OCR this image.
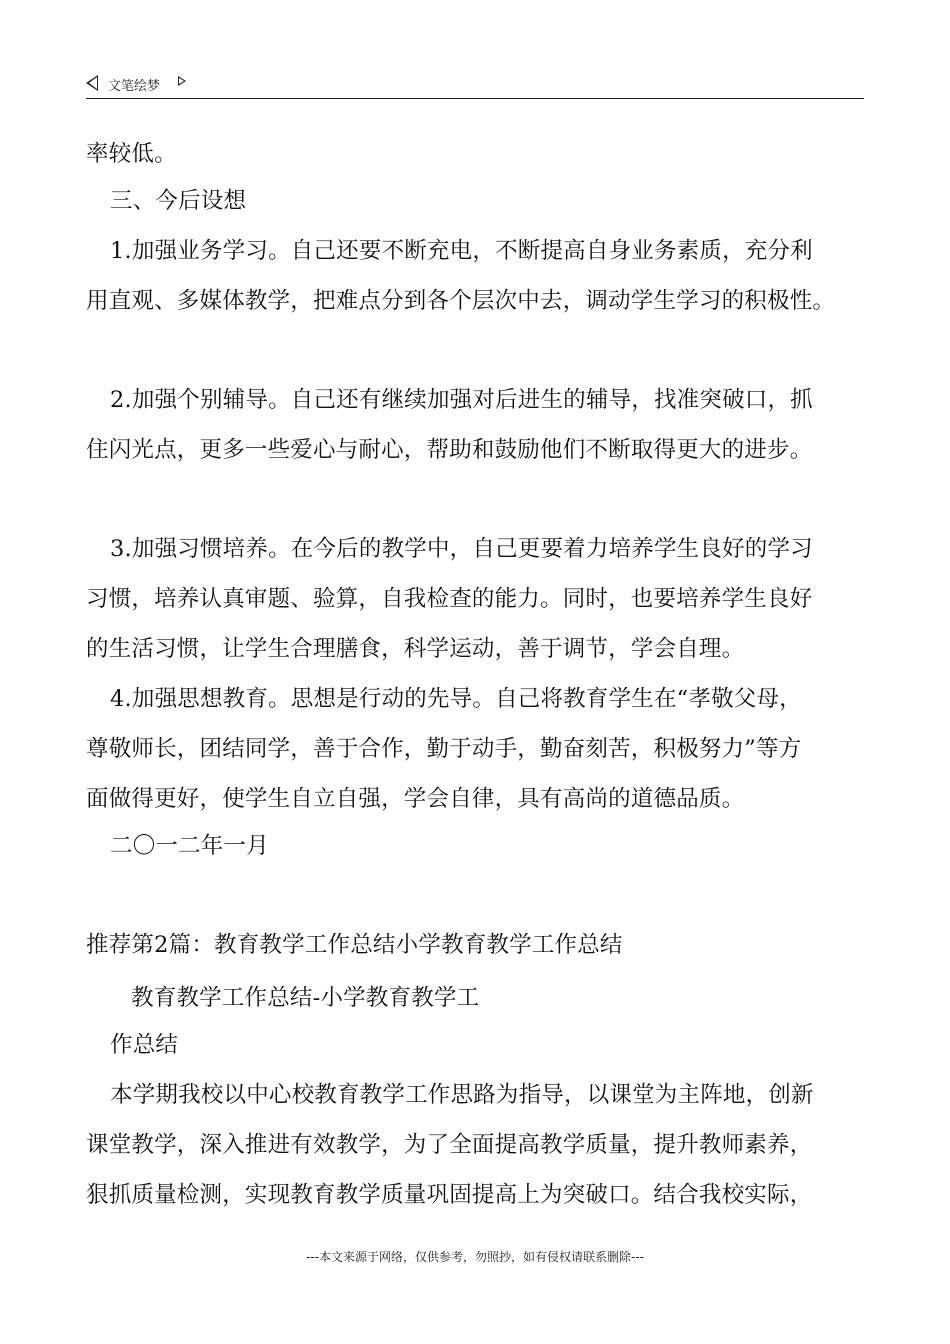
文笔绘梦
率较低。
三、今后设想
1.加强业务学习。自己还要不断充电，不断提高自身业务素质，充分利
用直观、多媒体教学，把难点分到各个层次中去，调动学生学习的积极性。
2.加强个别辅导。自己还有继续加强对后进生的辅导，找准突破口，抓
住闪光点，更多一些爱心与耐心，帮助和鼓励他们不断取得更大的进步。
3.加强习惯培养。在今后的教学中，自己更要着力培养学生良好的学习
习惯，培养认真审题、验算，自我检查的能力。同时，也要培养学生良好
的生活习惯，让学生合理膳食，科学运动，善于调节，学会自理。
4.加强思想教育。思想是行动的先导。自己将教育学生在“孝敬父母，
尊敬师长，团结同学，善于合作，勤于动手，勤奋刻苦，积极努力”等方
面做得更好，使学生自立自强，学会自律，具有高尚的道德品质。
二〇一二年一月
推荐第2篇：教育教学工作总结小学教育教学工作总结
教育教学工作总结-小学教育教学工
作总结
本学期我校以中心校教育教学工作思路为指导，以课堂为主阵地，创新
课堂教学，深入推进有效教学，为了全面提高教学质量，提升教师素养，
狠抓质量检测，实现教育教学质量巩固提高上为突破口。结合我校实际，
---本文来源于网络，仅供参考，勿照抄，如有侵权请联系删除---
